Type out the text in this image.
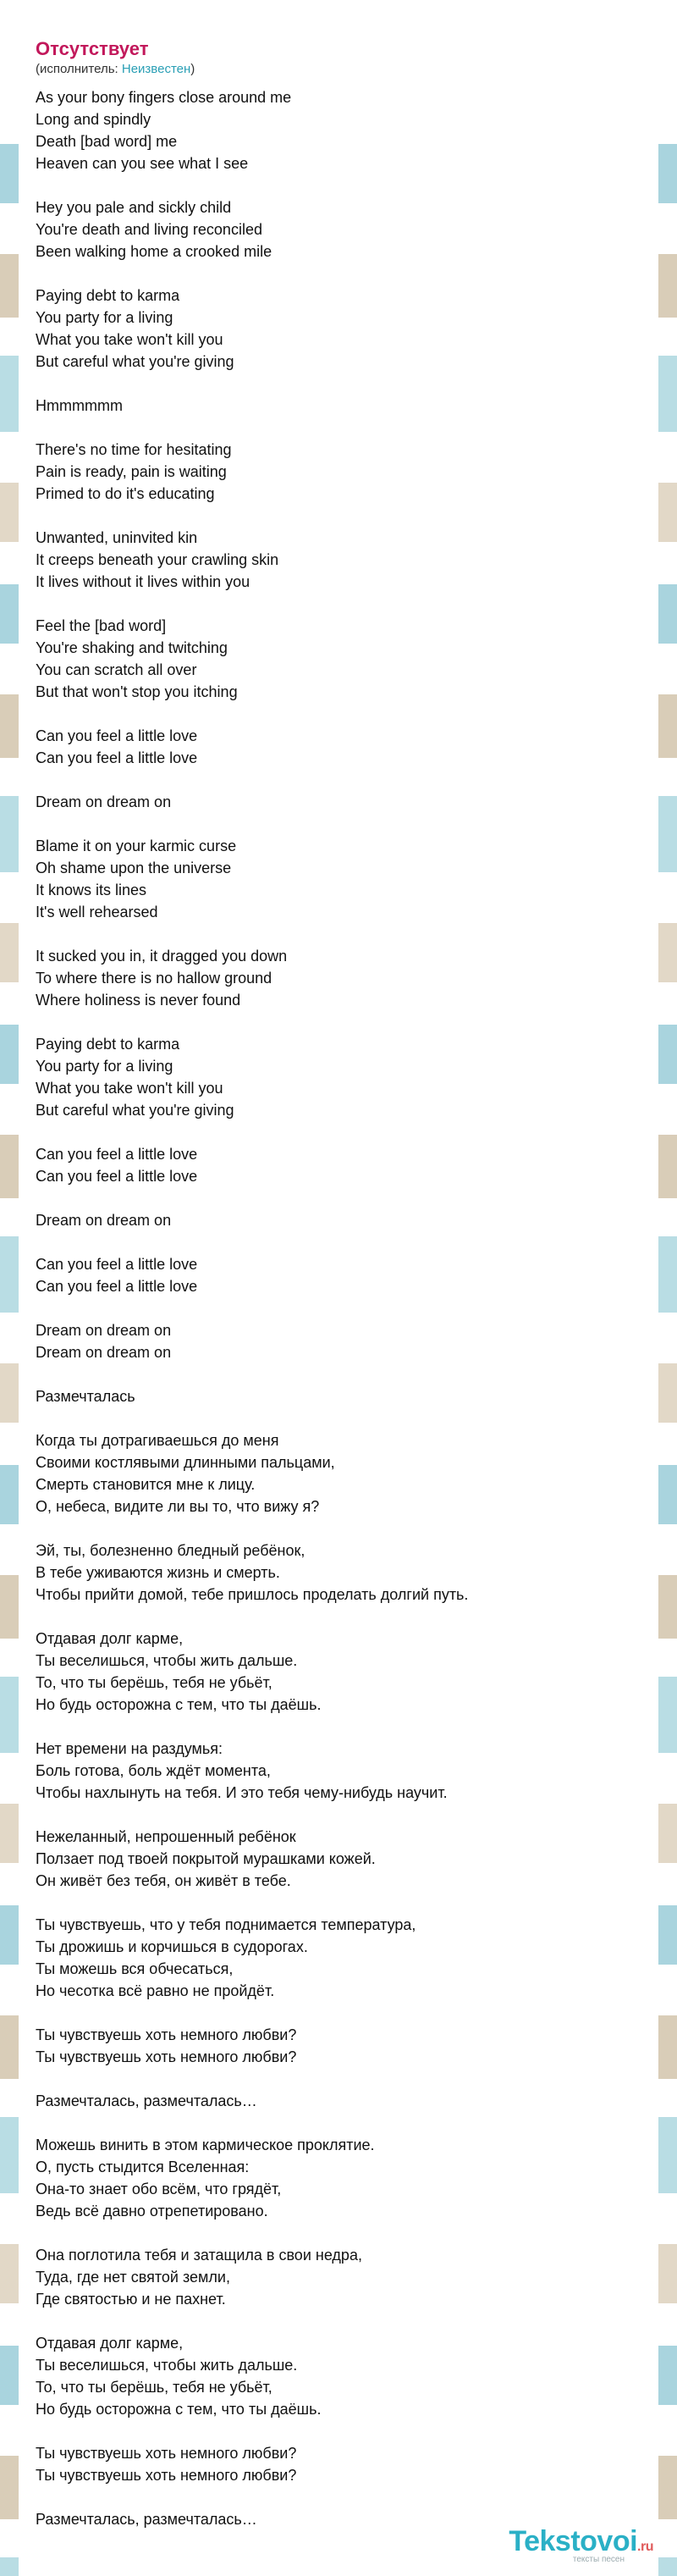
Отсутствует
(исполнитель: Неизвестен)
As your bony fingers close around me
Long and spindly
Death [bad word] me
Heaven can you see what I see

Hey you pale and sickly child
You're death and living reconciled
Been walking home a crooked mile

Paying debt to karma
You party for a living
What you take won't kill you
But careful what you're giving

Hmmmmmm

There's no time for hesitating
Pain is ready, pain is waiting
Primed to do it's educating

Unwanted, uninvited kin
It creeps beneath your crawling skin
It lives without it lives within you

Feel the [bad word]
You're shaking and twitching
You can scratch all over
But that won't stop you itching

Can you feel a little love
Can you feel a little love

Dream on dream on

Blame it on your karmic curse
Oh shame upon the universe
It knows its lines
It's well rehearsed

It sucked you in, it dragged you down
To where there is no hallow ground
Where holiness is never found

Paying debt to karma
You party for a living
What you take won't kill you
But careful what you're giving

Can you feel a little love
Can you feel a little love

Dream on dream on

Can you feel a little love
Can you feel a little love

Dream on dream on
Dream on dream on

Размечталась

Когда ты дотрагиваешься до меня
Своими костлявыми длинными пальцами,
Смерть становится мне к лицу.
О, небеса, видите ли вы то, что вижу я?

Эй, ты, болезненно бледный ребёнок,
В тебе уживаются жизнь и смерть.
Чтобы прийти домой, тебе пришлось проделать долгий путь.

Отдавая долг карме,
Ты веселишься, чтобы жить дальше.
То, что ты берёшь, тебя не убьёт,
Но будь осторожна с тем, что ты даёшь.

Нет времени на раздумья:
Боль готова, боль ждёт момента,
Чтобы нахлынуть на тебя. И это тебя чему-нибудь научит.

Нежеланный, непрошенный ребёнок
Ползает под твоей покрытой мурашками кожей.
Он живёт без тебя, он живёт в тебе.

Ты чувствуешь, что у тебя поднимается температура,
Ты дрожишь и корчишься в судорогах.
Ты можешь вся обчесаться,
Но чесотка всё равно не пройдёт.

Ты чувствуешь хоть немного любви?
Ты чувствуешь хоть немного любви?

Размечталась, размечталась…

Можешь винить в этом кармическое проклятие.
О, пусть стыдится Вселенная:
Она-то знает обо всём, что грядёт,
Ведь всё давно отрепетировано.

Она поглотила тебя и затащила в свои недра,
Туда, где нет святой земли,
Где святостью и не пахнет.

Отдавая долг карме,
Ты веселишься, чтобы жить дальше.
То, что ты берёшь, тебя не убьёт,
Но будь осторожна с тем, что ты даёшь.

Ты чувствуешь хоть немного любви?
Ты чувствуешь хоть немного любви?

Размечталась, размечталась…
Tekstovoi.ru
тексты песен
